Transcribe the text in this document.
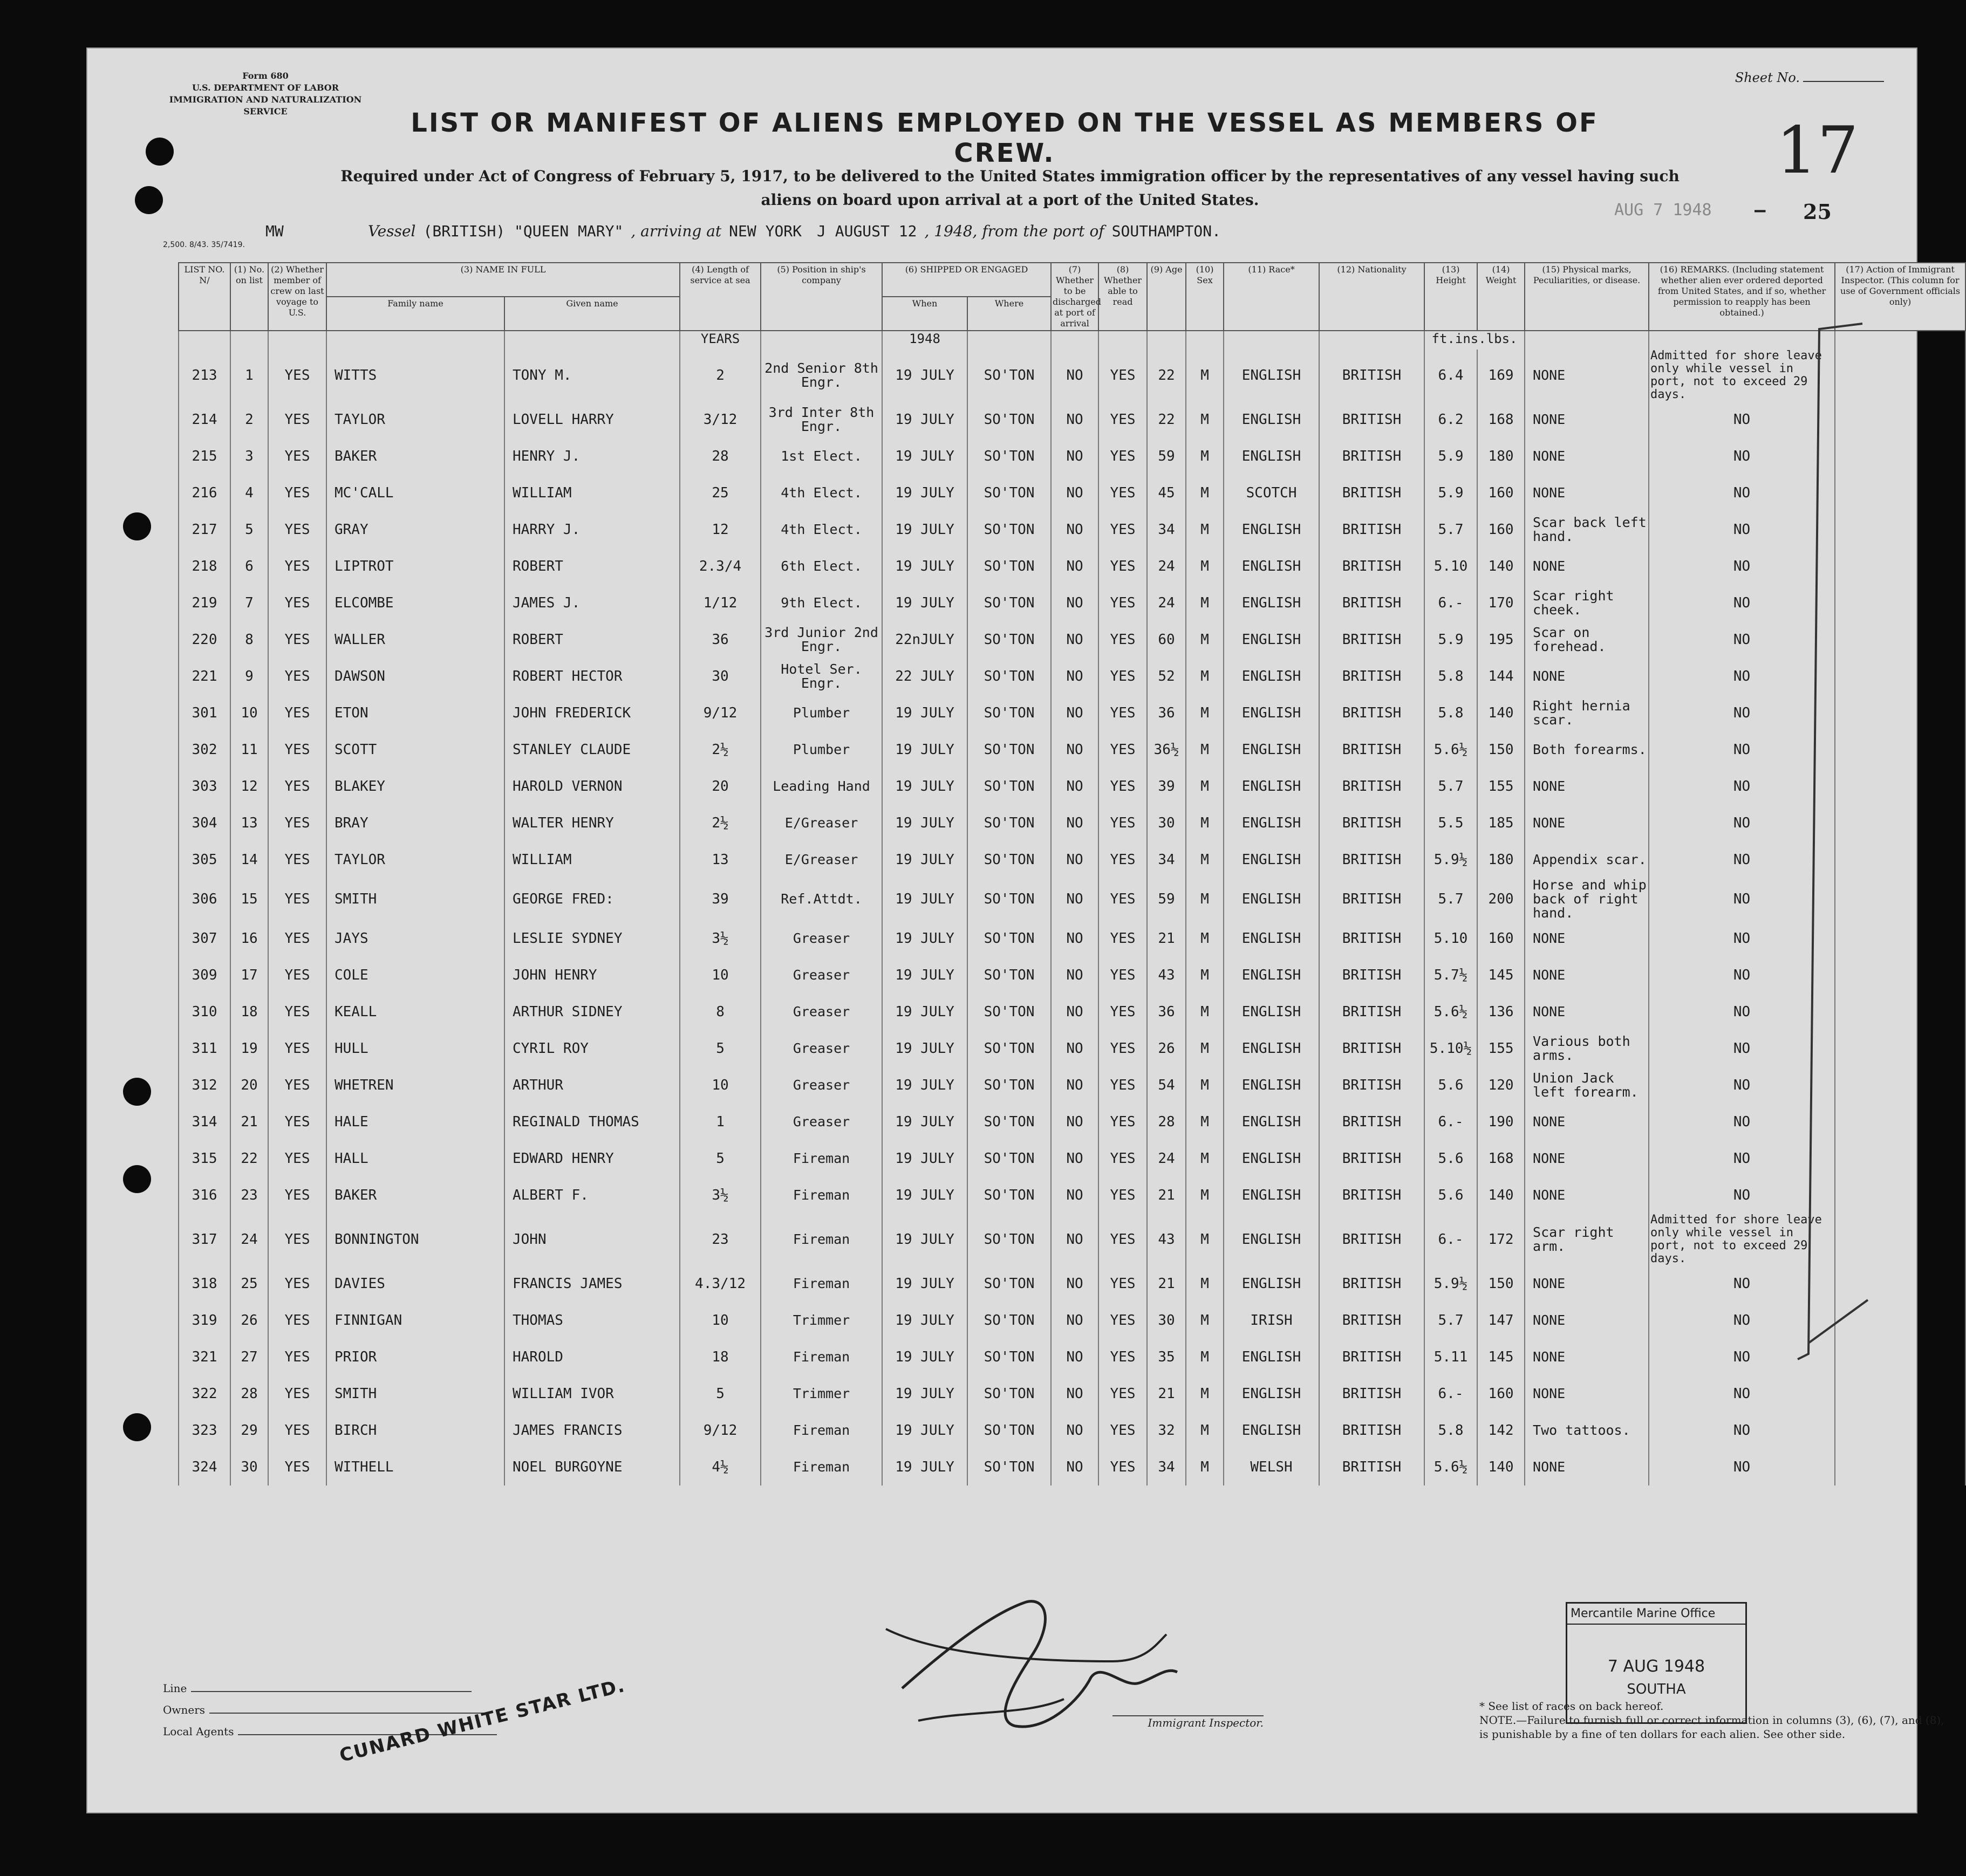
Form 680
U.S. DEPARTMENT OF LABOR
IMMIGRATION AND NATURALIZATION SERVICE
Sheet No.
LIST OR MANIFEST OF ALIENS EMPLOYED ON THE VESSEL AS MEMBERS OF CREW.
Required under Act of Congress of February 5, 1917, to be delivered to the United States immigration officer by the representatives of any vessel having such aliens on board upon arrival at a port of the United States.
17
AUG 7 1948 – 25
MW	Vessel (BRITISH) "QUEEN MARY" , arriving at NEW YORK J AUGUST 12 , 1948, from the port of SOUTHAMPTON.
2,500. 8/43. 35/7419.
LIST NO. N/	(1) No. on list	(2) Whether member of crew on last voyage to U.S.	(3) NAME IN FULL		(4) Length of service at sea	(5) Position in ship's company	(6) SHIPPED OR ENGAGED		(7) Whether to be discharged at port of arrival	(8) Whether able to read	(9) Age	(10) Sex	(11) Race*	(12) Nationality	(13) Height	(14) Weight	(15) Physical marks, Peculiarities, or disease.	(16) REMARKS. (Including statement whether alien ever ordered deported from United States, and if so, whether permission to reapply has been obtained.)	(17) Action of Immigrant Inspector. (This column for use of Government officials only)
			Family name	Given name			When	Where											
					YEARS		1948								ft.ins.lbs.				
213	1	YES	WITTS	TONY M.	2	2nd Senior 8th Engr.	19 JULY	SO'TON	NO	YES	22	M	ENGLISH	BRITISH	6.4	169	NONE	Admitted for shore leave only while vessel in port, not to exceed 29 days.	
214	2	YES	TAYLOR	LOVELL HARRY	3/12	3rd Inter 8th Engr.	19 JULY	SO'TON	NO	YES	22	M	ENGLISH	BRITISH	6.2	168	NONE	NO	
215	3	YES	BAKER	HENRY J.	28	1st Elect.	19 JULY	SO'TON	NO	YES	59	M	ENGLISH	BRITISH	5.9	180	NONE	NO	
216	4	YES	MC'CALL	WILLIAM	25	4th Elect.	19 JULY	SO'TON	NO	YES	45	M	SCOTCH	BRITISH	5.9	160	NONE	NO	
217	5	YES	GRAY	HARRY J.	12	4th Elect.	19 JULY	SO'TON	NO	YES	34	M	ENGLISH	BRITISH	5.7	160	Scar back left hand.	NO	
218	6	YES	LIPTROT	ROBERT	2.3/4	6th Elect.	19 JULY	SO'TON	NO	YES	24	M	ENGLISH	BRITISH	5.10	140	NONE	NO	
219	7	YES	ELCOMBE	JAMES J.	1/12	9th Elect.	19 JULY	SO'TON	NO	YES	24	M	ENGLISH	BRITISH	6.-	170	Scar right cheek.	NO	
220	8	YES	WALLER	ROBERT	36	3rd Junior 2nd Engr.	22nJULY	SO'TON	NO	YES	60	M	ENGLISH	BRITISH	5.9	195	Scar on forehead.	NO	
221	9	YES	DAWSON	ROBERT HECTOR	30	Hotel Ser. Engr.	22 JULY	SO'TON	NO	YES	52	M	ENGLISH	BRITISH	5.8	144	NONE	NO	
301	10	YES	ETON	JOHN FREDERICK	9/12	Plumber	19 JULY	SO'TON	NO	YES	36	M	ENGLISH	BRITISH	5.8	140	Right hernia scar.	NO	
302	11	YES	SCOTT	STANLEY CLAUDE	2½	Plumber	19 JULY	SO'TON	NO	YES	36½	M	ENGLISH	BRITISH	5.6½	150	Both forearms.	NO	
303	12	YES	BLAKEY	HAROLD VERNON	20	Leading Hand	19 JULY	SO'TON	NO	YES	39	M	ENGLISH	BRITISH	5.7	155	NONE	NO	
304	13	YES	BRAY	WALTER HENRY	2½	E/Greaser	19 JULY	SO'TON	NO	YES	30	M	ENGLISH	BRITISH	5.5	185	NONE	NO	
305	14	YES	TAYLOR	WILLIAM	13	E/Greaser	19 JULY	SO'TON	NO	YES	34	M	ENGLISH	BRITISH	5.9½	180	Appendix scar.	NO	
306	15	YES	SMITH	GEORGE FRED:	39	Ref.Attdt.	19 JULY	SO'TON	NO	YES	59	M	ENGLISH	BRITISH	5.7	200	Horse and whip back of right hand.	NO	
307	16	YES	JAYS	LESLIE SYDNEY	3½	Greaser	19 JULY	SO'TON	NO	YES	21	M	ENGLISH	BRITISH	5.10	160	NONE	NO	
309	17	YES	COLE	JOHN HENRY	10	Greaser	19 JULY	SO'TON	NO	YES	43	M	ENGLISH	BRITISH	5.7½	145	NONE	NO	
310	18	YES	KEALL	ARTHUR SIDNEY	8	Greaser	19 JULY	SO'TON	NO	YES	36	M	ENGLISH	BRITISH	5.6½	136	NONE	NO	
311	19	YES	HULL	CYRIL ROY	5	Greaser	19 JULY	SO'TON	NO	YES	26	M	ENGLISH	BRITISH	5.10½	155	Various both arms.	NO	
312	20	YES	WHETREN	ARTHUR	10	Greaser	19 JULY	SO'TON	NO	YES	54	M	ENGLISH	BRITISH	5.6	120	Union Jack left forearm.	NO	
314	21	YES	HALE	REGINALD THOMAS	1	Greaser	19 JULY	SO'TON	NO	YES	28	M	ENGLISH	BRITISH	6.-	190	NONE	NO	
315	22	YES	HALL	EDWARD HENRY	5	Fireman	19 JULY	SO'TON	NO	YES	24	M	ENGLISH	BRITISH	5.6	168	NONE	NO	
316	23	YES	BAKER	ALBERT F.	3½	Fireman	19 JULY	SO'TON	NO	YES	21	M	ENGLISH	BRITISH	5.6	140	NONE	NO	
317	24	YES	BONNINGTON	JOHN	23	Fireman	19 JULY	SO'TON	NO	YES	43	M	ENGLISH	BRITISH	6.-	172	Scar right arm.	Admitted for shore leave only while vessel in port, not to exceed 29 days.	
318	25	YES	DAVIES	FRANCIS JAMES	4.3/12	Fireman	19 JULY	SO'TON	NO	YES	21	M	ENGLISH	BRITISH	5.9½	150	NONE	NO	
319	26	YES	FINNIGAN	THOMAS	10	Trimmer	19 JULY	SO'TON	NO	YES	30	M	IRISH	BRITISH	5.7	147	NONE	NO	
321	27	YES	PRIOR	HAROLD	18	Fireman	19 JULY	SO'TON	NO	YES	35	M	ENGLISH	BRITISH	5.11	145	NONE	NO	
322	28	YES	SMITH	WILLIAM IVOR	5	Trimmer	19 JULY	SO'TON	NO	YES	21	M	ENGLISH	BRITISH	6.-	160	NONE	NO	
323	29	YES	BIRCH	JAMES FRANCIS	9/12	Fireman	19 JULY	SO'TON	NO	YES	32	M	ENGLISH	BRITISH	5.8	142	Two tattoos.	NO	
324	30	YES	WITHELL	NOEL BURGOYNE	4½	Fireman	19 JULY	SO'TON	NO	YES	34	M	WELSH	BRITISH	5.6½	140	NONE	NO	
Line
Owners
Local Agents	CUNARD WHITE STAR LTD.	Immigrant Inspector.
Mercantile Marine Office
7 AUG 1948
SOUTHA
* See list of races on back hereof.
NOTE.—Failure to furnish full or correct information in columns (3), (6), (7), and (8), is punishable by a fine of ten dollars for each alien. See other side.
